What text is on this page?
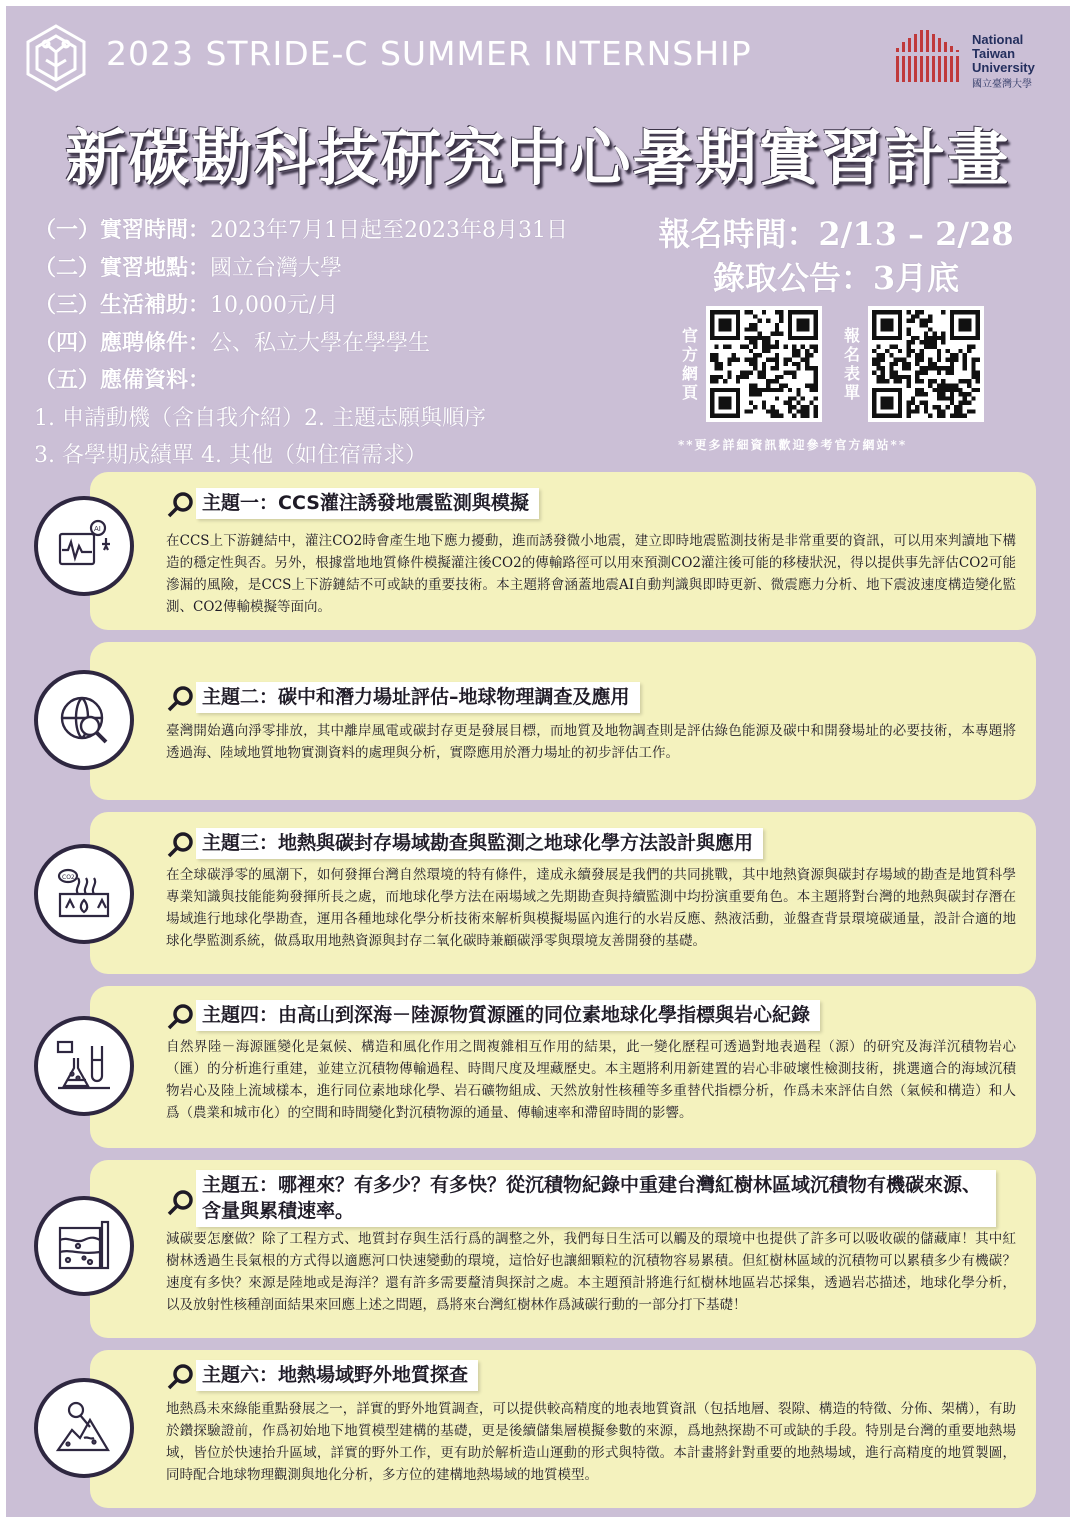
2023 STRIDE-C SUMMER INTERNSHIP	National
Taiwan
University
國立臺灣大學
新碳勘科技研究中心暑期實習計畫
（一）實習時間：2023年7月1日起至2023年8月31日
（二）實習地點：國立台灣大學
（三）生活補助：10,000元/月
（四）應聘條件：公、私立大學在學學生
（五）應備資料：
1. 申請動機（含自我介紹）2. 主題志願與順序
3. 各學期成績單 4. 其他（如住宿需求）
報名時間：2/13 – 2/28
錄取公告：3月底
官方網頁
報名表單
**更多詳細資訊歡迎參考官方網站**
AI
主題一：CCS灌注誘發地震監測與模擬
在CCS上下游鏈結中，灌注CO2時會產生地下應力擾動，進而誘發微小地震，建立即時地震監測技術是非常重要的資訊，可以用來判讀地下構造的穩定性與否。另外，根據當地地質條件模擬灌注後CO2的傳輸路徑可以用來預測CO2灌注後可能的移棲狀況，得以提供事先評估CO2可能滲漏的風險，是CCS上下游鏈結不可或缺的重要技術。本主題將會涵蓋地震AI自動判識與即時更新、微震應力分析、地下震波速度構造變化監測、CO2傳輸模擬等面向。
主題二：碳中和潛力場址評估–地球物理調查及應用
臺灣開始邁向淨零排放，其中離岸風電或碳封存更是發展目標，而地質及地物調查則是評估綠色能源及碳中和開發場址的必要技術，本專題將透過海、陸域地質地物實測資料的處理與分析，實際應用於潛力場址的初步評估工作。
CO2
主題三：地熱與碳封存場域勘查與監測之地球化學方法設計與應用
在全球碳淨零的風潮下，如何發揮台灣自然環境的特有條件，達成永續發展是我們的共同挑戰，其中地熱資源與碳封存場域的勘查是地質科學專業知識與技能能夠發揮所長之處，而地球化學方法在兩場域之先期勘查與持續監測中均扮演重要角色。本主題將對台灣的地熱與碳封存潛在場域進行地球化學勘查，運用各種地球化學分析技術來解析與模擬場區內進行的水岩反應、熱液活動，並盤查背景環境碳通量，設計合適的地球化學監測系統，做爲取用地熱資源與封存二氧化碳時兼顧碳淨零與環境友善開發的基礎。
主題四：由高山到深海－陸源物質源匯的同位素地球化學指標與岩心紀錄
自然界陸－海源匯變化是氣候、構造和風化作用之間複雜相互作用的結果，此一變化歷程可透過對地表過程（源）的研究及海洋沉積物岩心（匯）的分析進行重建，並建立沉積物傳輸過程、時間尺度及埋藏歷史。本主題將利用新建置的岩心非破壞性檢測技術，挑選適合的海域沉積物岩心及陸上流域樣本，進行同位素地球化學、岩石礦物組成、天然放射性核種等多重替代指標分析，作爲未來評估自然（氣候和構造）和人爲（農業和城市化）的空間和時間變化對沉積物源的通量、傳輸速率和滯留時間的影響。
主題五：哪裡來？有多少？有多快？從沉積物紀錄中重建台灣紅樹林區域沉積物有機碳來源、含量與累積速率。
減碳要怎麼做？除了工程方式、地質封存與生活行爲的調整之外，我們每日生活可以觸及的環境中也提供了許多可以吸收碳的儲藏庫！其中紅樹林透過生長氣根的方式得以適應河口快速變動的環境，這恰好也讓細顆粒的沉積物容易累積。但紅樹林區域的沉積物可以累積多少有機碳？速度有多快？來源是陸地或是海洋？還有許多需要釐清與探討之處。本主題預計將進行紅樹林地區岩芯採集，透過岩芯描述，地球化學分析，以及放射性核種剖面結果來回應上述之問題，爲將來台灣紅樹林作爲減碳行動的一部分打下基礎！
主題六：地熱場域野外地質探查
地熱爲未來綠能重點發展之一，詳實的野外地質調查，可以提供較高精度的地表地質資訊（包括地層、裂隙、構造的特徵、分佈、架構），有助於鑽探驗證前，作爲初始地下地質模型建構的基礎，更是後續儲集層模擬參數的來源，爲地熱探勘不可或缺的手段。特別是台灣的重要地熱場域，皆位於快速抬升區域，詳實的野外工作，更有助於解析造山運動的形式與特徵。本計畫將針對重要的地熱場域，進行高精度的地質製圖，同時配合地球物理觀測與地化分析，多方位的建構地熱場域的地質模型。
